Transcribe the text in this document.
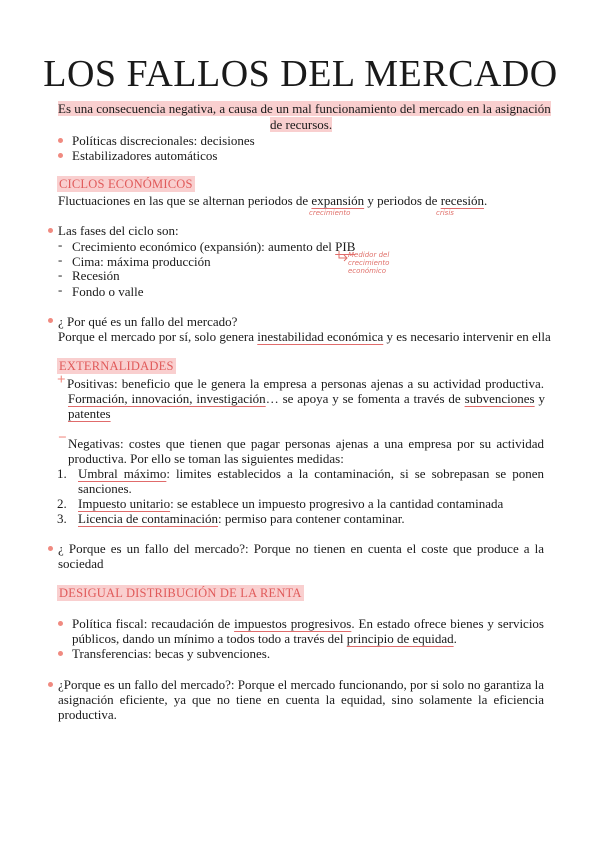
LOS FALLOS DEL MERCADO
Es una consecuencia negativa, a causa de un mal funcionamiento del mercado en la asignación
de recursos.
Políticas discrecionales: decisiones
Estabilizadores automáticos
CICLOS ECONÓMICOS
Fluctuaciones en las que se alternan periodos de expansión y periodos de recesión.
crecimiento	crisis
Las fases del ciclo son:
- Crecimiento económico (expansión): aumento del PIB
- Cima: máxima producción
- Recesión
- Fondo o valle
Medidor del
crecimiento
económico
¿ Por qué es un fallo del mercado?
Porque el mercado por sí, solo genera inestabilidad económica y es necesario intervenir en ella
EXTERNALIDADES
+ Positivas: beneficio que le genera la empresa a personas ajenas a su actividad productiva.
Formación, innovación, investigación… se apoya y se fomenta a través de subvenciones y
patentes
− Negativas: costes que tienen que pagar personas ajenas a una empresa por su actividad
productiva. Por ello se toman las siguientes medidas:
1. Umbral máximo: limites establecidos a la contaminación, si se sobrepasan se ponen
sanciones.
2. Impuesto unitario: se establece un impuesto progresivo a la cantidad contaminada
3. Licencia de contaminación: permiso para contener contaminar.
¿ Porque es un fallo del mercado?: Porque no tienen en cuenta el coste que produce a la
sociedad
DESIGUAL DISTRIBUCIÓN DE LA RENTA
Política fiscal: recaudación de impuestos progresivos. En estado ofrece bienes y servicios
públicos, dando un mínimo a todos todo a través del principio de equidad.
Transferencias: becas y subvenciones.
¿Porque es un fallo del mercado?: Porque el mercado funcionando, por si solo no garantiza la
asignación eficiente, ya que no tiene en cuenta la equidad, sino solamente la eficiencia
productiva.
